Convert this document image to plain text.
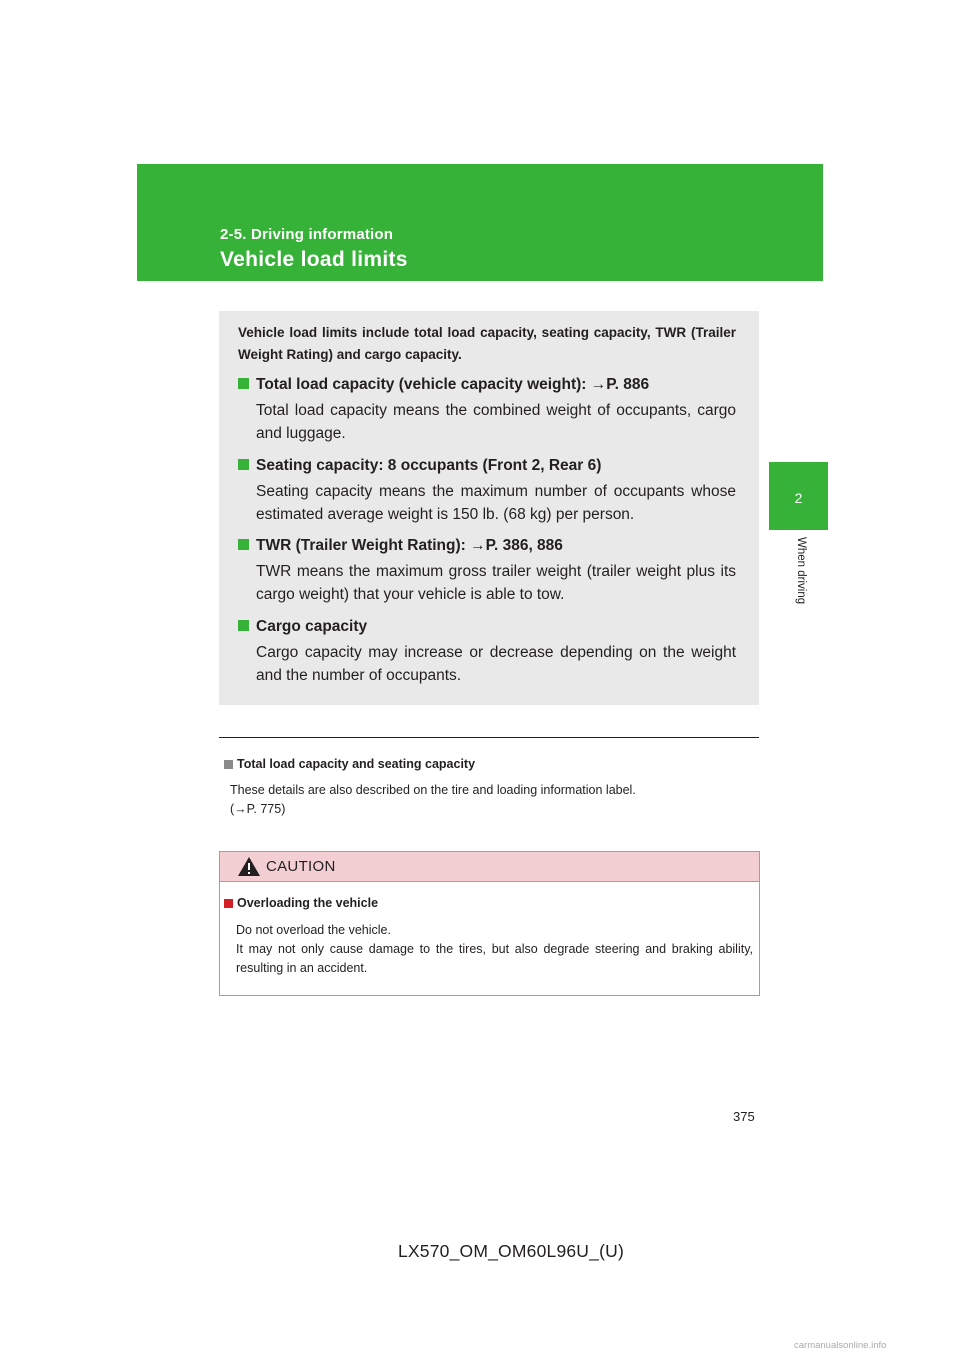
2-5. Driving information
Vehicle load limits
2
When driving
Vehicle load limits include total load capacity, seating capacity, TWR (Trailer Weight Rating) and cargo capacity.
Total load capacity (vehicle capacity weight): →P. 886
Total load capacity means the combined weight of occupants, cargo and luggage.
Seating capacity: 8 occupants (Front 2, Rear 6)
Seating capacity means the maximum number of occupants whose estimated average weight is 150 lb. (68 kg) per person.
TWR (Trailer Weight Rating): →P. 386, 886
TWR means the maximum gross trailer weight (trailer weight plus its cargo weight) that your vehicle is able to tow.
Cargo capacity
Cargo capacity may increase or decrease depending on the weight and the number of occupants.
Total load capacity and seating capacity
These details are also described on the tire and loading information label.
(→P. 775)
CAUTION
Overloading the vehicle
Do not overload the vehicle.
It may not only cause damage to the tires, but also degrade steering and braking ability, resulting in an accident.
375
LX570_OM_OM60L96U_(U)
carmanualsonline.info
